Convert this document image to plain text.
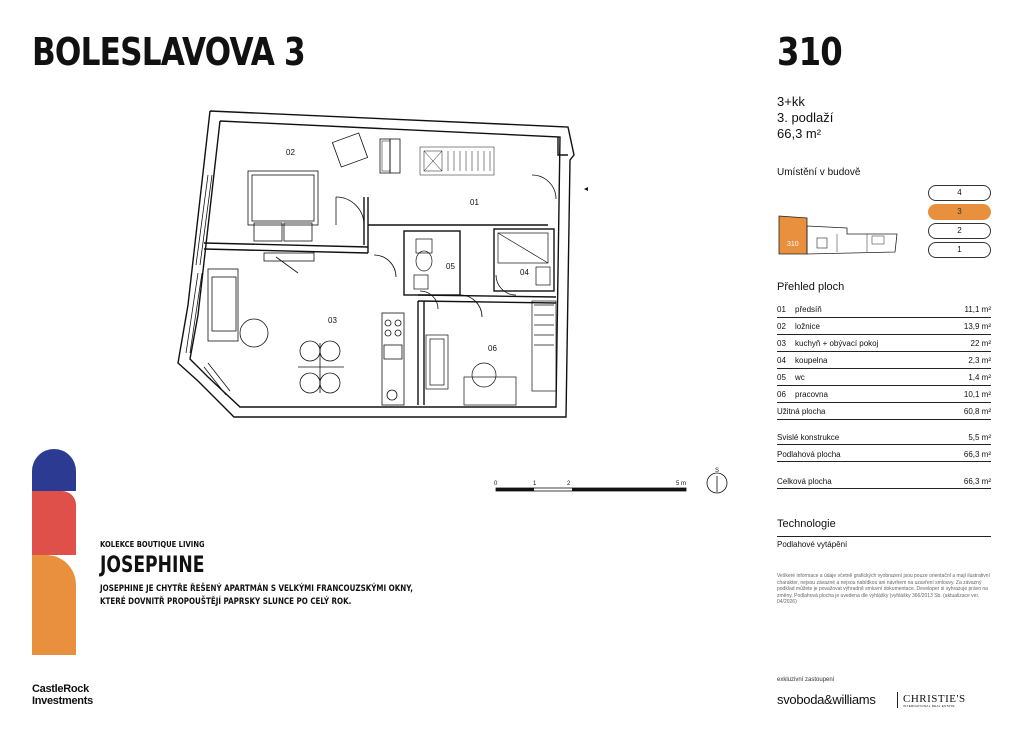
BOLESLAVOVA 3	310
3+kk
3. podlaží
66,3 m²
Umístění v budově
310
4
3
2
1
Přehled ploch
01	předsíň	11,1 m²
02	ložnice	13,9 m²
03	kuchyň + obývací pokoj	22 m²
04	koupelna	2,3 m²
05	wc	1,4 m²
06	pracovna	10,1 m²
Užitná plocha	60,8 m²
Svislé konstrukce	5,5 m²
Podlahová plocha	66,3 m²
Celková plocha	66,3 m²
Technologie
Podlahové vytápění
Veškeré informace a údaje včetně grafických vyobrazení jsou pouze orientační a mají ilustrativní charakter, nejsou závazné a nejsou nabídkou ani návrhem na uzavření smlouvy. Za závazný podklad můžete je považovat výhradně smluvní dokumentace. Developer si vyhrazuje právo na změny. Podlahová plocha je uvedena dle vyhlášky (vyhlášky 366/2013 Sb. (aktualizace ver. 04/2026)
exkluzivní zastoupení
svoboda&williams CHRISTIE'S
INTERNATIONAL REAL ESTATE
01
02
03
04
05
06
0	1	2	5 m
S
KOLEKCE BOUTIQUE LIVING
JOSEPHINE
JOSEPHINE JE CHYTŘE ŘEŠENÝ APARTMÁN S VELKÝMI FRANCOUZSKÝMI OKNY,
KTERÉ DOVNITŘ PROPOUŠTĚJÍ PAPRSKY SLUNCE PO CELÝ ROK.
CastleRock
Investments
